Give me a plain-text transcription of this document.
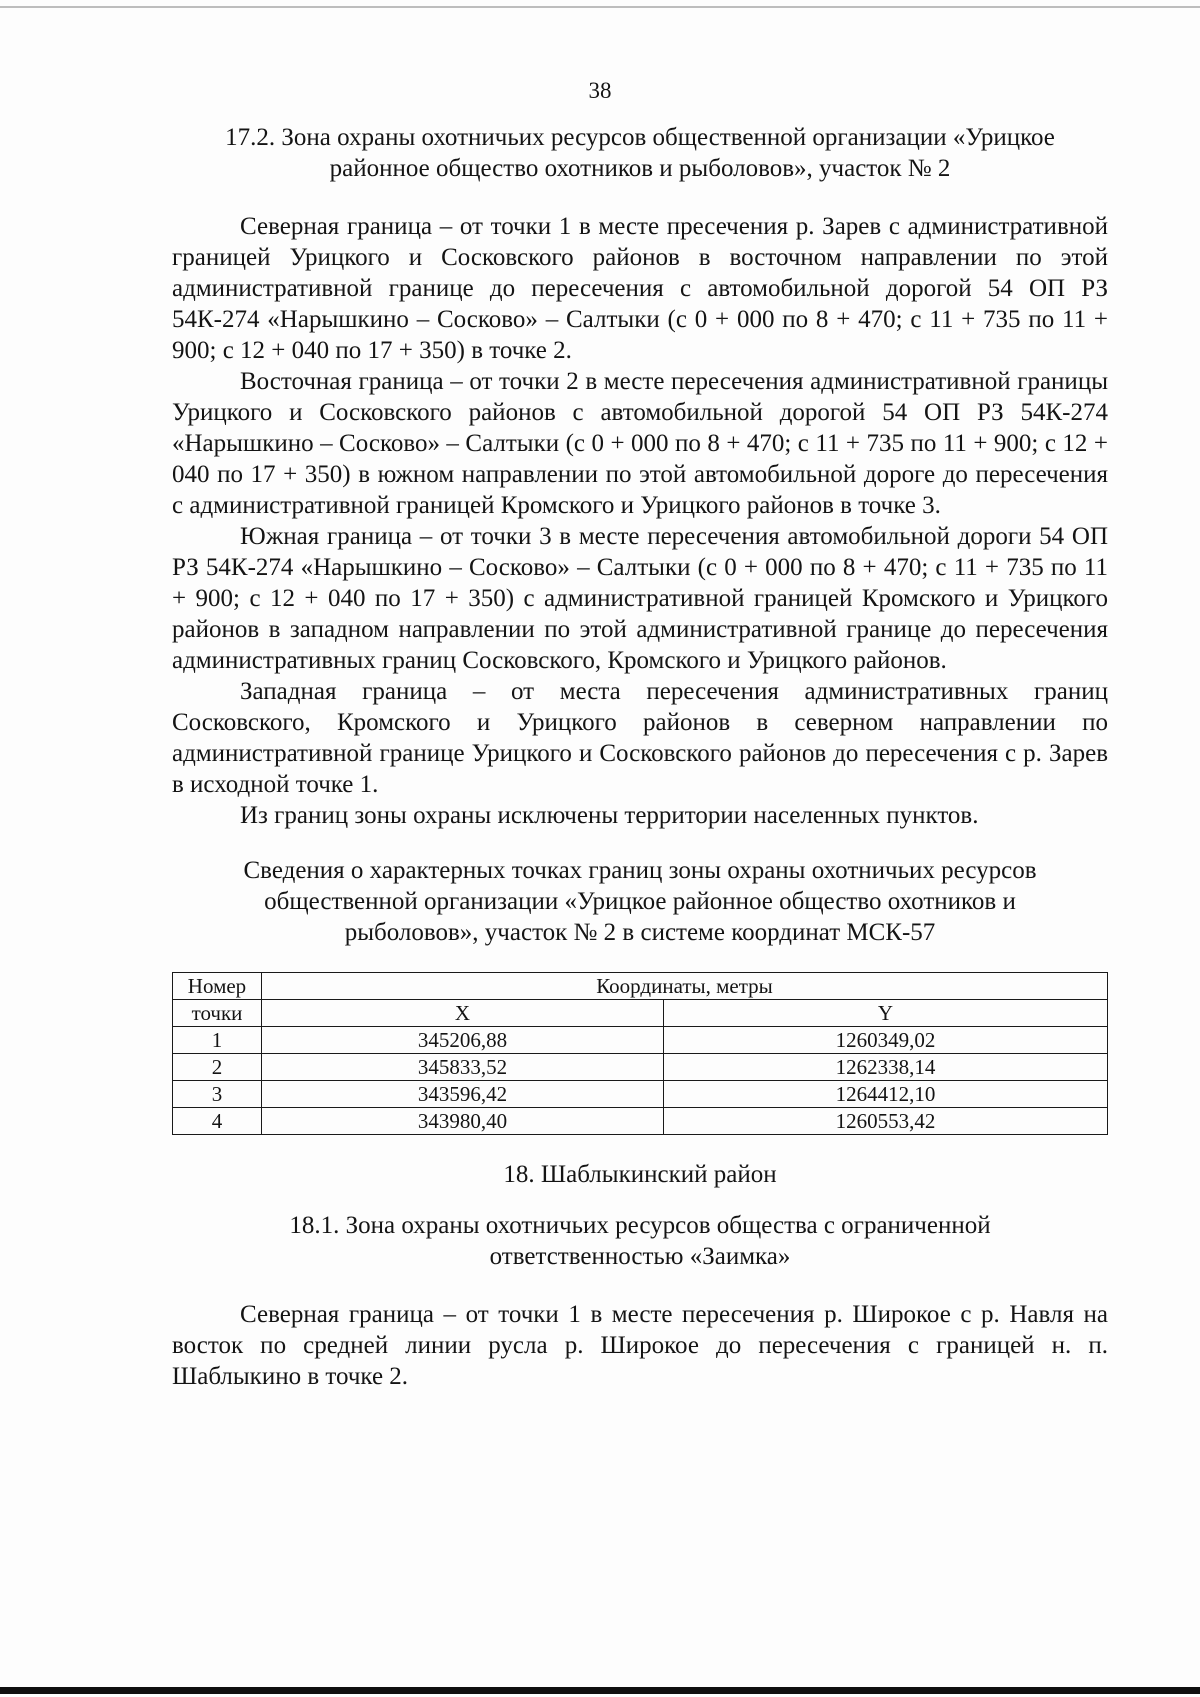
38

17.2. Зона охраны охотничьих ресурсов общественной организации «Урицкое

районное общество охотников и рыболовов», участок № 2

Северная граница – от точки 1 в месте пресечения р. Зарев с административной границей Урицкого и Сосковского районов в восточном направлении по этой административной границе до пересечения с автомобильной дорогой 54 ОП РЗ 54К-274 «Нарышкино – Сосково» – Салтыки (с 0 + 000 по 8 + 470; с 11 + 735 по 11 + 900; с 12 + 040 по 17 + 350) в точке 2.

Восточная граница – от точки 2 в месте пересечения административной границы Урицкого и Сосковского районов с автомобильной дорогой 54 ОП РЗ 54К-274 «Нарышкино – Сосково» – Салтыки (с 0 + 000 по 8 + 470; с 11 + 735 по 11 + 900; с 12 + 040 по 17 + 350) в южном направлении по этой автомобильной дороге до пересечения с административной границей Кромского и Урицкого районов в точке 3.

Южная граница – от точки 3 в месте пересечения автомобильной дороги 54 ОП РЗ 54К-274 «Нарышкино – Сосково» – Салтыки (с 0 + 000 по 8 + 470; с 11 + 735 по 11 + 900; с 12 + 040 по 17 + 350) с административной границей Кромского и Урицкого районов в западном направлении по этой административной границе до пересечения административных границ Сосковского, Кромского и Урицкого районов.

Западная граница – от места пересечения административных границ Сосковского, Кромского и Урицкого районов в северном направлении по административной границе Урицкого и Сосковского районов до пересечения с р. Зарев в исходной точке 1.

Из границ зоны охраны исключены территории населенных пунктов.

Сведения о характерных точках границ зоны охраны охотничьих ресурсов

общественной организации «Урицкое районное общество охотников и

рыболовов», участок № 2 в системе координат МСК-57

Номер	Координаты, метры	
точки	X	Y
1	345206,88	1260349,02
2	345833,52	1262338,14
3	343596,42	1264412,10
4	343980,40	1260553,42

18. Шаблыкинский район

18.1. Зона охраны охотничьих ресурсов общества с ограниченной

ответственностью «Заимка»

Северная граница – от точки 1 в месте пересечения р. Широкое с р. Навля на восток по средней линии русла р. Широкое до пересечения с границей н. п. Шаблыкино в точке 2.
